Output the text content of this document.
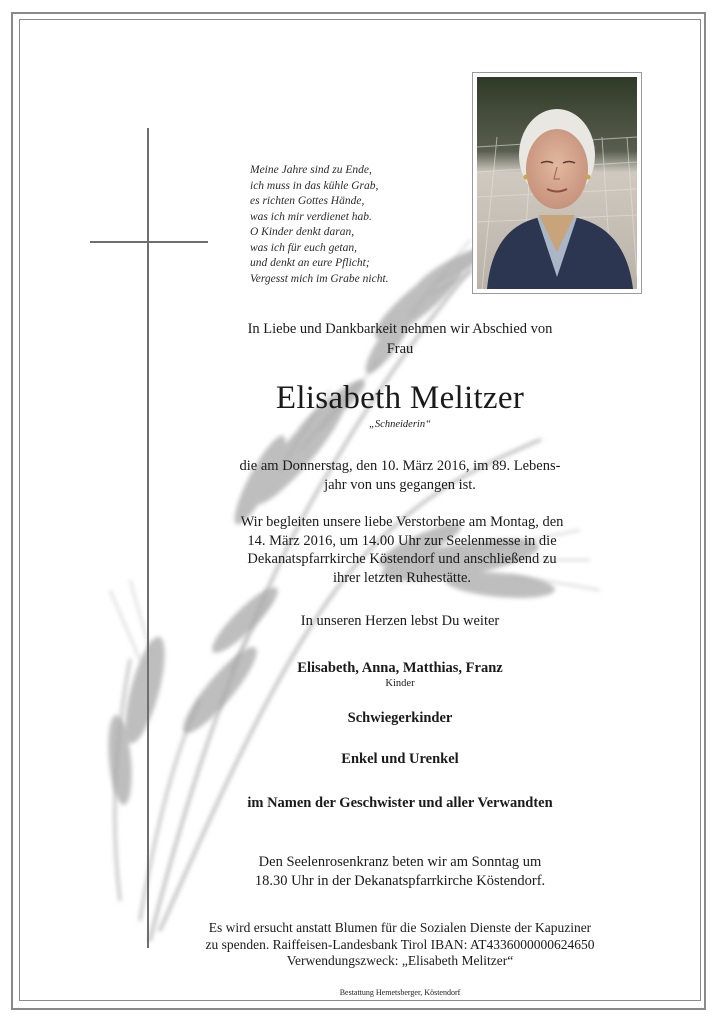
Meine Jahre sind zu Ende,
ich muss in das kühle Grab,
es richten Gottes Hände,
was ich mir verdienet hab.
O Kinder denkt daran,
was ich für euch getan,
und denkt an eure Pflicht;
Vergesst mich im Grabe nicht.
In Liebe und Dankbarkeit nehmen wir Abschied von
Frau
Elisabeth Melitzer
„Schneiderin“
die am Donnerstag, den 10. März 2016, im 89. Lebens-
jahr von uns gegangen ist.
Wir begleiten unsere liebe Verstorbene am Montag, den
14. März 2016, um 14.00 Uhr zur Seelenmesse in die
Dekanatspfarrkirche Köstendorf und anschließend zu
ihrer letzten Ruhestätte.
In unseren Herzen lebst Du weiter
Elisabeth, Anna, Matthias, Franz
Kinder
Schwiegerkinder
Enkel und Urenkel
im Namen der Geschwister und aller Verwandten
Den Seelenrosenkranz beten wir am Sonntag um
18.30 Uhr in der Dekanatspfarrkirche Köstendorf.
Es wird ersucht anstatt Blumen für die Sozialen Dienste der Kapuziner
zu spenden. Raiffeisen-Landesbank Tirol IBAN: AT4336000000624650
Verwendungszweck: „Elisabeth Melitzer“
Bestattung Hemetsberger, Köstendorf
